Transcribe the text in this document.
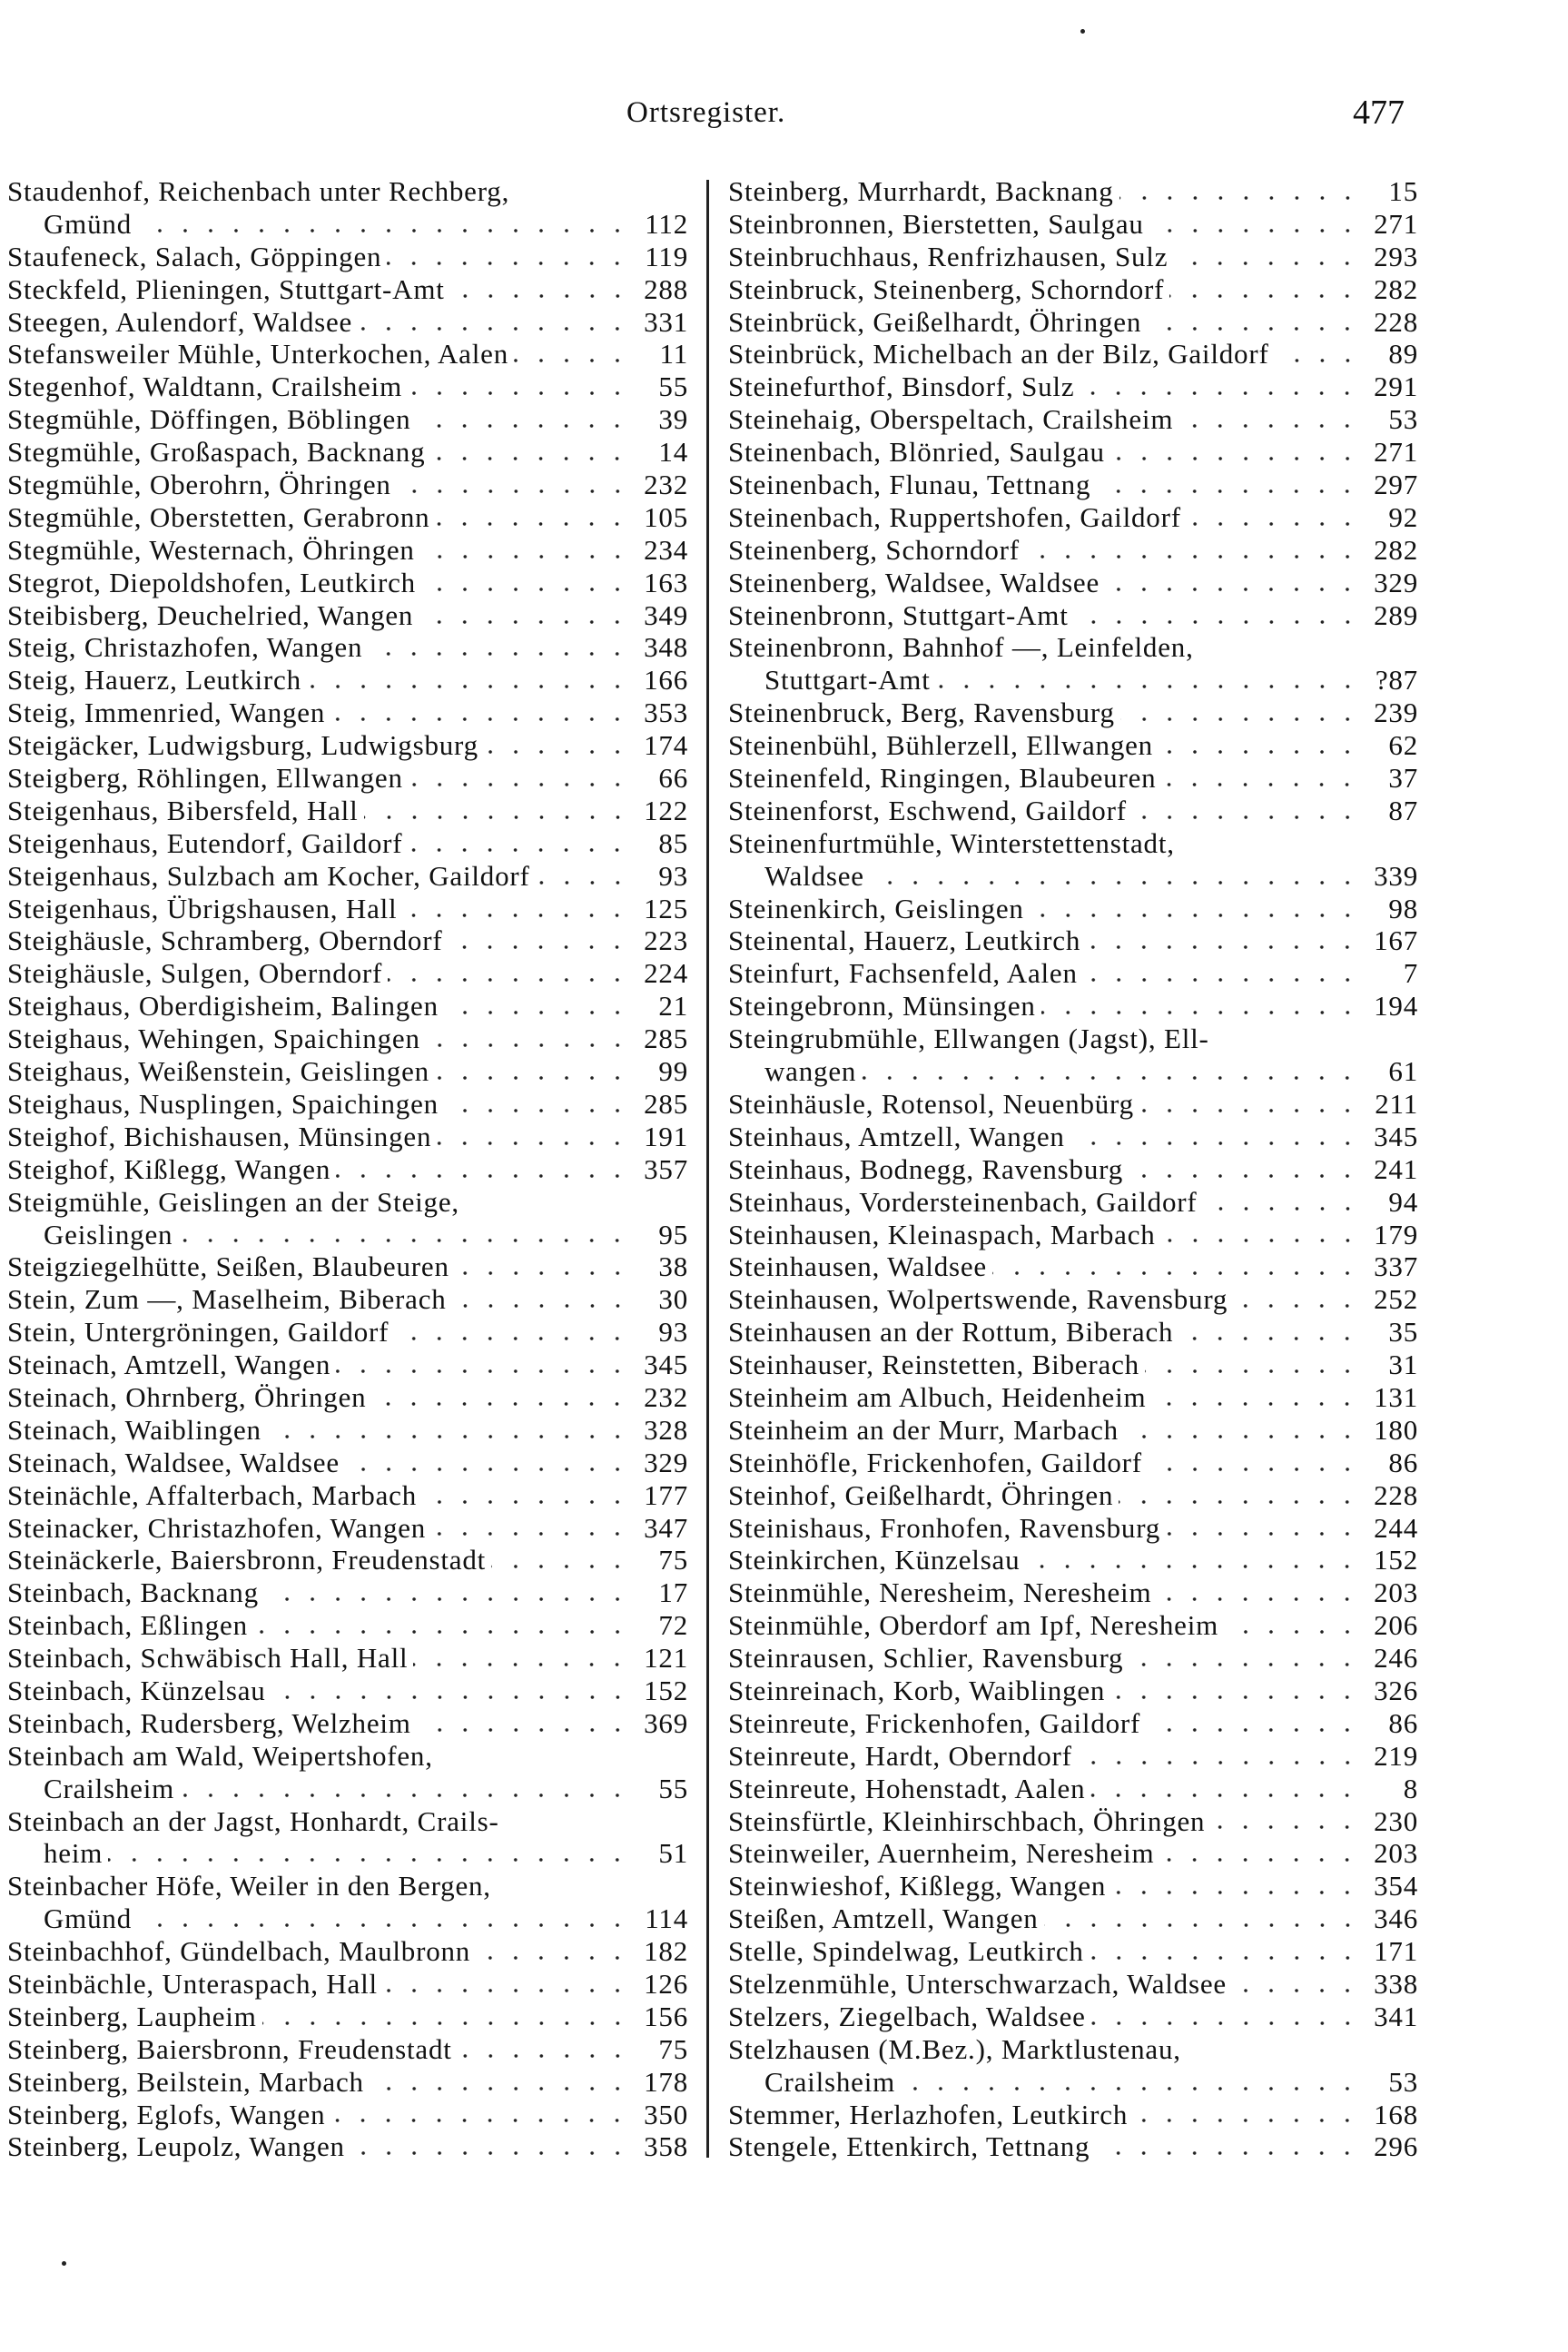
Ortsregister.	477
Staudenhof, Reichenbach unter Rechberg,
Gmünd	112
Staufeneck, Salach, Göppingen	119
Steckfeld, Plieningen, Stuttgart-Amt	288
Steegen, Aulendorf, Waldsee	331
Stefansweiler Mühle, Unterkochen, Aalen	11
Stegenhof, Waldtann, Crailsheim	55
Stegmühle, Döffingen, Böblingen	39
Stegmühle, Großaspach, Backnang	14
Stegmühle, Oberohrn, Öhringen	232
Stegmühle, Oberstetten, Gerabronn	105
Stegmühle, Westernach, Öhringen	234
Stegrot, Diepoldshofen, Leutkirch	163
Steibisberg, Deuchelried, Wangen	349
Steig, Christazhofen, Wangen	348
Steig, Hauerz, Leutkirch	166
Steig, Immenried, Wangen	353
Steigäcker, Ludwigsburg, Ludwigsburg	174
Steigberg, Röhlingen, Ellwangen	66
Steigenhaus, Bibersfeld, Hall	122
Steigenhaus, Eutendorf, Gaildorf	85
Steigenhaus, Sulzbach am Kocher, Gaildorf	93
Steigenhaus, Übrigshausen, Hall	125
Steighäusle, Schramberg, Oberndorf	223
Steighäusle, Sulgen, Oberndorf	224
Steighaus, Oberdigisheim, Balingen	21
Steighaus, Wehingen, Spaichingen	285
Steighaus, Weißenstein, Geislingen	99
Steighaus, Nusplingen, Spaichingen	285
Steighof, Bichishausen, Münsingen	191
Steighof, Kißlegg, Wangen	357
Steigmühle, Geislingen an der Steige,
Geislingen	95
Steigziegelhütte, Seißen, Blaubeuren	38
Stein, Zum —, Maselheim, Biberach	30
Stein, Untergröningen, Gaildorf	93
Steinach, Amtzell, Wangen	345
Steinach, Ohrnberg, Öhringen	232
Steinach, Waiblingen	328
Steinach, Waldsee, Waldsee	329
Steinächle, Affalterbach, Marbach	177
Steinacker, Christazhofen, Wangen	347
Steinäckerle, Baiersbronn, Freudenstadt	75
Steinbach, Backnang	17
Steinbach, Eßlingen	72
Steinbach, Schwäbisch Hall, Hall	121
Steinbach, Künzelsau	152
Steinbach, Rudersberg, Welzheim	369
Steinbach am Wald, Weipertshofen,
Crailsheim	55
Steinbach an der Jagst, Honhardt, Crails-
heim	51
Steinbacher Höfe, Weiler in den Bergen,
Gmünd	114
Steinbachhof, Gündelbach, Maulbronn	182
Steinbächle, Unteraspach, Hall	126
Steinberg, Laupheim	156
Steinberg, Baiersbronn, Freudenstadt	75
Steinberg, Beilstein, Marbach	178
Steinberg, Eglofs, Wangen	350
Steinberg, Leupolz, Wangen	358
Steinberg, Murrhardt, Backnang	15
Steinbronnen, Bierstetten, Saulgau	271
Steinbruchhaus, Renfrizhausen, Sulz	293
Steinbruck, Steinenberg, Schorndorf	282
Steinbrück, Geißelhardt, Öhringen	228
Steinbrück, Michelbach an der Bilz, Gaildorf	89
Steinefurthof, Binsdorf, Sulz	291
Steinehaig, Oberspeltach, Crailsheim	53
Steinenbach, Blönried, Saulgau	271
Steinenbach, Flunau, Tettnang	297
Steinenbach, Ruppertshofen, Gaildorf	92
Steinenberg, Schorndorf	282
Steinenberg, Waldsee, Waldsee	329
Steinenbronn, Stuttgart-Amt	289
Steinenbronn, Bahnhof —, Leinfelden,
Stuttgart-Amt	?87
Steinenbruck, Berg, Ravensburg	239
Steinenbühl, Bühlerzell, Ellwangen	62
Steinenfeld, Ringingen, Blaubeuren	37
Steinenforst, Eschwend, Gaildorf	87
Steinenfurtmühle, Winterstettenstadt,
Waldsee	339
Steinenkirch, Geislingen	98
Steinental, Hauerz, Leutkirch	167
Steinfurt, Fachsenfeld, Aalen	7
Steingebronn, Münsingen	194
Steingrubmühle, Ellwangen (Jagst), Ell-
wangen	61
Steinhäusle, Rotensol, Neuenbürg	211
Steinhaus, Amtzell, Wangen	345
Steinhaus, Bodnegg, Ravensburg	241
Steinhaus, Vordersteinenbach, Gaildorf	94
Steinhausen, Kleinaspach, Marbach	179
Steinhausen, Waldsee	337
Steinhausen, Wolpertswende, Ravensburg	252
Steinhausen an der Rottum, Biberach	35
Steinhauser, Reinstetten, Biberach	31
Steinheim am Albuch, Heidenheim	131
Steinheim an der Murr, Marbach	180
Steinhöfle, Frickenhofen, Gaildorf	86
Steinhof, Geißelhardt, Öhringen	228
Steinishaus, Fronhofen, Ravensburg	244
Steinkirchen, Künzelsau	152
Steinmühle, Neresheim, Neresheim	203
Steinmühle, Oberdorf am Ipf, Neresheim	206
Steinrausen, Schlier, Ravensburg	246
Steinreinach, Korb, Waiblingen	326
Steinreute, Frickenhofen, Gaildorf	86
Steinreute, Hardt, Oberndorf	219
Steinreute, Hohenstadt, Aalen	8
Steinsfürtle, Kleinhirschbach, Öhringen	230
Steinweiler, Auernheim, Neresheim	203
Steinwieshof, Kißlegg, Wangen	354
Steißen, Amtzell, Wangen	346
Stelle, Spindelwag, Leutkirch	171
Stelzenmühle, Unterschwarzach, Waldsee	338
Stelzers, Ziegelbach, Waldsee	341
Stelzhausen (M.Bez.), Marktlustenau,
Crailsheim	53
Stemmer, Herlazhofen, Leutkirch	168
Stengele, Ettenkirch, Tettnang	296
